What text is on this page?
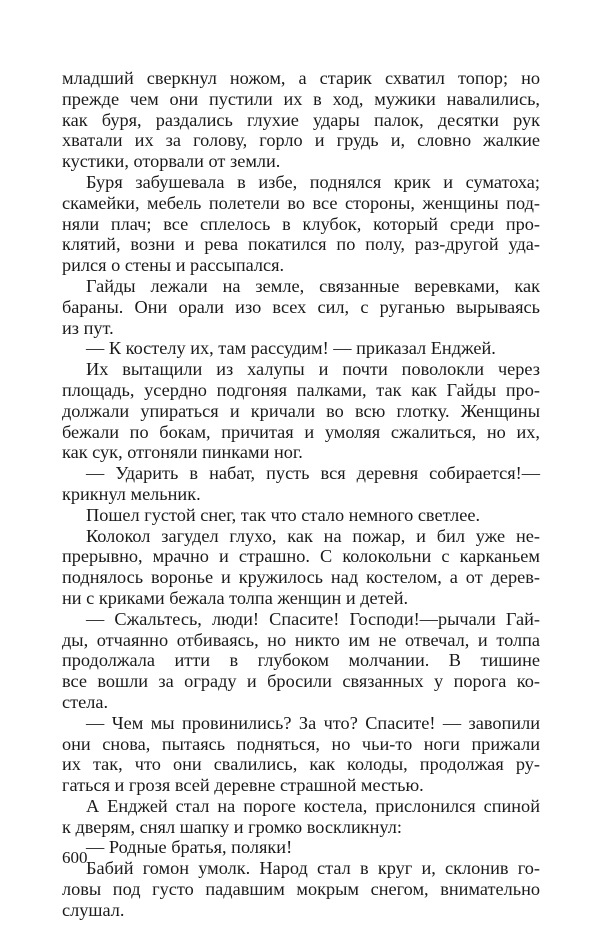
младший сверкнул ножом, а старик схватил топор; но
прежде чем они пустили их в ход, мужики навалились,
как буря, раздались глухие удары палок, десятки рук
хватали их за голову, горло и грудь и, словно жалкие
кустики, оторвали от земли.
Буря забушевала в избе, поднялся крик и суматоха;
скамейки, мебель полетели во все стороны, женщины под-
няли плач; все сплелось в клубок, который среди про-
клятий, возни и рева покатился по полу, раз-другой уда-
рился о стены и рассыпался.
Гайды лежали на земле, связанные веревками, как
бараны. Они орали изо всех сил, с руганью вырываясь
из пут.
— К костелу их, там рассудим! — приказал Енджей.
Их вытащили из халупы и почти поволокли через
площадь, усердно подгоняя палками, так как Гайды про-
должали упираться и кричали во всю глотку. Женщины
бежали по бокам, причитая и умоляя сжалиться, но их,
как сук, отгоняли пинками ног.
— Ударить в набат, пусть вся деревня собирается!—
крикнул мельник.
Пошел густой снег, так что стало немного светлее.
Колокол загудел глухо, как на пожар, и бил уже не-
прерывно, мрачно и страшно. С колокольни с карканьем
поднялось воронье и кружилось над костелом, а от дерев-
ни с криками бежала толпа женщин и детей.
— Сжальтесь, люди! Спасите! Господи!—рычали Гай-
ды, отчаянно отбиваясь, но никто им не отвечал, и толпа
продолжала итти в глубоком молчании. В тишине
все вошли за ограду и бросили связанных у порога ко-
стела.
— Чем мы провинились? За что? Спасите! — завопили
они снова, пытаясь подняться, но чьи-то ноги прижали
их так, что они свалились, как колоды, продолжая ру-
гаться и грозя всей деревне страшной местью.
А Енджей стал на пороге костела, прислонился спиной
к дверям, снял шапку и громко воскликнул:
— Родные братья, поляки!
Бабий гомон умолк. Народ стал в круг и, склонив го-
ловы под густо падавшим мокрым снегом, внимательно
слушал.
600
